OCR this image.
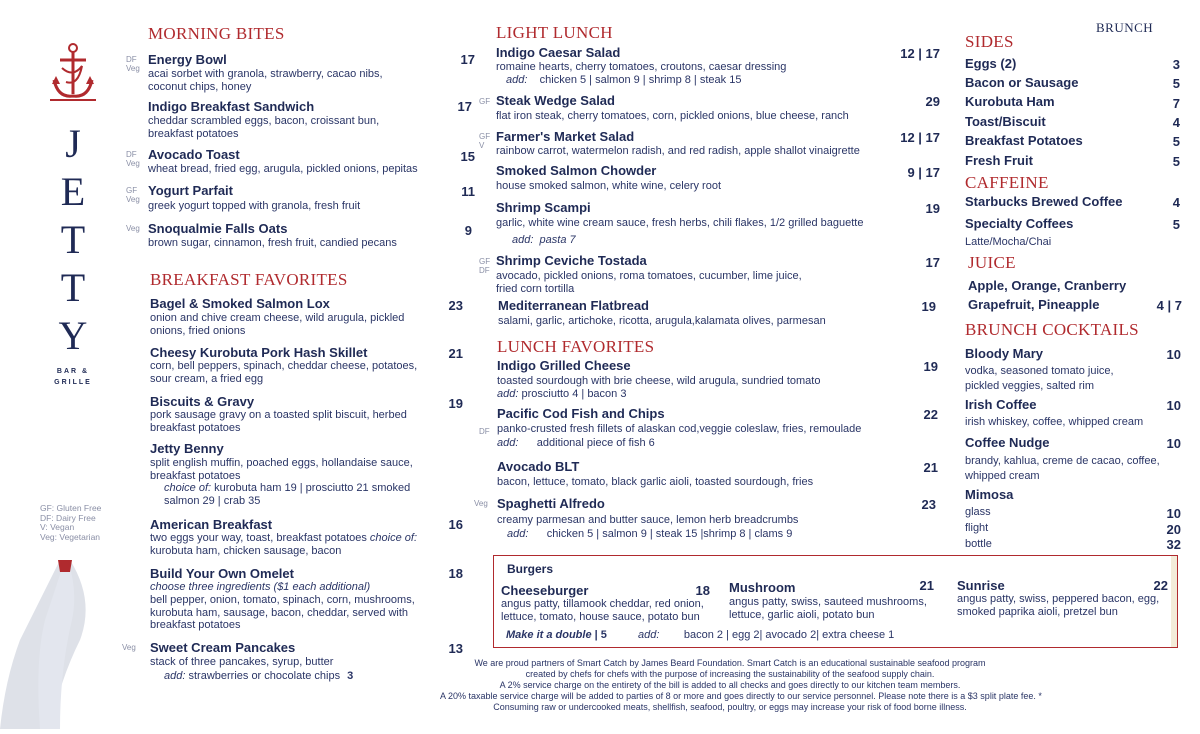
J
E
T
T
Y
BAR &
GRILLE
GF: Gluten Free
DF: Dairy Free
V: Vegan
Veg: Vegetarian
MORNING BITES
DF
Veg
Energy Bowl	17
acai sorbet with granola, strawberry, cacao nibs, coconut chips, honey
Indigo Breakfast Sandwich	17
cheddar scrambled eggs, bacon, croissant bun, breakfast potatoes
DF
Veg
Avocado Toast	15
wheat bread, fried egg, arugula, pickled onions, pepitas
GF
Veg
Yogurt Parfait	11
greek yogurt topped with granola, fresh fruit
Veg Snoqualmie Falls Oats	9
brown sugar, cinnamon, fresh fruit, candied pecans
BREAKFAST FAVORITES
Bagel & Smoked Salmon Lox	23
onion and chive cream cheese, wild arugula, pickled onions, fried onions
Cheesy Kurobuta Pork Hash Skillet	21
corn, bell peppers, spinach, cheddar cheese, potatoes, sour cream, a fried egg
Biscuits & Gravy	19
pork sausage gravy on a toasted split biscuit, herbed breakfast potatoes
Jetty Benny
split english muffin, poached eggs, hollandaise sauce, breakfast potatoes
choice of: kurobuta ham 19 | prosciutto 21 smoked salmon 29 | crab 35
American Breakfast	16
two eggs your way, toast, breakfast potatoes choice of: kurobuta ham, chicken sausage, bacon
Build Your Own Omelet	18
choose three ingredients ($1 each additional)
bell pepper, onion, tomato, spinach, corn, mushrooms, kurobuta ham, sausage, bacon, cheddar, served with breakfast potatoes
Veg Sweet Cream Pancakes	13
stack of three pancakes, syrup, butter
add: strawberries or chocolate chips 3
LIGHT LUNCH
Indigo Caesar Salad	12 | 17
romaine hearts, cherry tomatoes, croutons, caesar dressing
add: chicken 5 | salmon 9 | shrimp 8 | steak 15
GF Steak Wedge Salad	29
flat iron steak, cherry tomatoes, corn, pickled onions, blue cheese, ranch
GF
V
Farmer's Market Salad	12 | 17
rainbow carrot, watermelon radish, and red radish, apple shallot vinaigrette
Smoked Salmon Chowder	9 | 17
house smoked salmon, white wine, celery root
Shrimp Scampi	19
garlic, white wine cream sauce, fresh herbs, chili flakes, 1/2 grilled baguette
add: pasta 7
GF
DF
Shrimp Ceviche Tostada	17
avocado, pickled onions, roma tomatoes, cucumber, lime juice, fried corn tortilla
Mediterranean Flatbread	19
salami, garlic, artichoke, ricotta, arugula,kalamata olives, parmesan
LUNCH FAVORITES
Indigo Grilled Cheese	19
toasted sourdough with brie cheese, wild arugula, sundried tomato
add: prosciutto 4 | bacon 3
DF
Pacific Cod Fish and Chips	22
panko-crusted fresh fillets of alaskan cod,veggie coleslaw, fries, remoulade
add: additional piece of fish 6
Avocado BLT	21
bacon, lettuce, tomato, black garlic aioli, toasted sourdough, fries
Veg Spaghetti Alfredo	23
creamy parmesan and butter sauce, lemon herb breadcrumbs
add: chicken 5 | salmon 9 | steak 15 |shrimp 8 | clams 9
Burgers
Cheeseburger	18
angus patty, tillamook cheddar, red onion, lettuce, tomato, house sauce, potato bun
Mushroom	21
angus patty, swiss, sauteed mushrooms, lettuce, garlic aioli, potato bun
Sunrise	22
angus patty, swiss, peppered bacon, egg, smoked paprika aioli, pretzel bun
Make it a double | 5	add: bacon 2 | egg 2| avocado 2| extra cheese 1
We are proud partners of Smart Catch by James Beard Foundation. Smart Catch is an educational sustainable seafood program
created by chefs for chefs with the purpose of increasing the sustainability of the seafood supply chain.
A 2% service charge on the entirety of the bill is added to all checks and goes directly to our kitchen team members.
A 20% taxable service charge will be added to parties of 8 or more and goes directly to our service personnel. Please note there is a $3 split plate fee. *
Consuming raw or undercooked meats, shellfish, seafood, poultry, or eggs may increase your risk of food borne illness.
BRUNCH
SIDES
Eggs (2)	3
Bacon or Sausage	5
Kurobuta Ham	7
Toast/Biscuit	4
Breakfast Potatoes	5
Fresh Fruit	5
CAFFEINE
Starbucks Brewed Coffee	4
Specialty Coffees	5
Latte/Mocha/Chai
JUICE
Apple, Orange, Cranberry
Grapefruit, Pineapple	4 | 7
BRUNCH COCKTAILS
Bloody Mary	10
vodka, seasoned tomato juice, pickled veggies, salted rim
Irish Coffee	10
irish whiskey, coffee, whipped cream
Coffee Nudge	10
brandy, kahlua, creme de cacao, coffee, whipped cream
Mimosa
glass	10
flight	20
bottle	32
